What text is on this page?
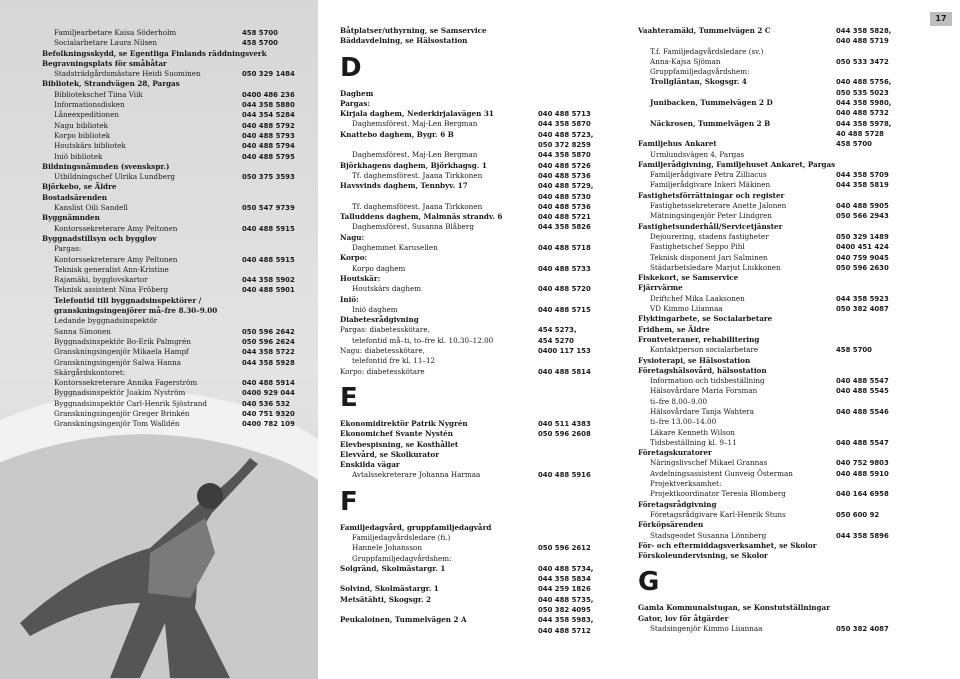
Familjearbetare Kaisa Söderholm	458 5700
Socialarbetare Laura Nilsen	458 5700
Befolkningsskydd, se Egentliga Finlands räddningsverk
Begravningsplats för småbåtar
Stadsträdgårdsmästare Heidi Suominen	050 329 1484
Bibliotek, Strandvägen 28, Pargas
Bibliotekschef Tiina Viik	0400 486 236
Informationsdisken	044 358 5880
Låneexpeditionen	044 354 5284
Nagu bibliotek	040 488 5792
Korpo bibliotek	040 488 5793
Houtskärs bibliotek	040 488 5794
Iniö bibliotek	040 488 5795
Bildningsnämnden (svenskspr.)
Utbildningschef Ulrika Lundberg	050 375 3593
Björkebo, se Äldre
Bostadsärenden
Kanslist Oili Sandell	050 547 9739
Byggnämnden
Kontorssekreterare Amy Peltonen	040 488 5915
Byggnadstillsyn och bygglov
Pargas:
Kontorssekreterare Amy Peltonen	040 488 5915
Teknisk generalist Ann-Kristine
Rajamäki, bygglovskartor	044 358 5902
Teknisk assistent Nina Fröberg	040 488 5901
Telefontid till byggnadsinspektörer /
granskningsingenjörer må–fre 8.30–9.00
Ledande byggnadsinspektör
Sanna Simonen	050 596 2642
Byggnadsinspektör Bo-Erik Palmgrén	050 596 2624
Granskningsingenjör Mikaela Hampf	044 358 5722
Granskningsingenjör Salwa Hanna	044 358 5928
Skärgårdskontoret:
Kontorssekreterare Annika Fagerström	040 488 5914
Byggnadsinspektör Joakim Nyström	0400 929 044
Byggnadsinspektör Carl-Henrik Sjöstrand	040 536 532
Granskningsingenjör Greger Brinkén	040 751 9320
Granskningsingenjör Tom Walldén	0400 782 109
Båtplatser/uthyrning, se Samservice
Bäddavdelning, se Hälsostation
D
Daghem
Pargas:
Kirjala daghem, Nederkirjalavägen 31	040 488 5713
Daghemsförest. Maj-Len Bergman	044 358 5870
Knattebo daghem, Bygr. 6 B	040 488 5723,
050 372 8259
Daghemsförest. Maj-Len Bergman	044 358 5870
Björkhagens daghem, Björkhagsg. 1	040 488 5726
Tf. daghemsförest. Jaana Tirkkonen	040 488 5736
Havsvinds daghem, Tennbyv. 17	040 488 5729,
040 488 5730
Tf. daghemsförest. Jaana Tirkkonen	040 488 5736
Talluddens daghem, Malmnäs strandv. 6	040 488 5721
Daghemsförest. Susanna Blåberg	044 358 5826
Nagu:
Daghemmet Karusellen	040 488 5718
Korpo:
Korpo daghem	040 488 5733
Houtskär:
Houtskärs daghem	040 488 5720
Iniö:
Iniö daghem	040 488 5715
Diabetesrådgivning
Pargas: diabetesskötare,	454 5273,
telefontid må–ti, to–fre kl. 10.30–12.00	454 5270
Nagu: diabetesskötare,	0400 117 153
telefontid fre kl. 11–12
Korpo: diabetesskötare	040 488 5814
E
Ekonomidirektör Patrik Nygrén	040 511 4383
Ekonomichef Svante Nystén	050 596 2608
Elevbespisning, se Kosthållet
Elevvård, se Skolkurator
Enskilda vägar
Avtalssekreterare Johanna Harmaa	040 488 5916
F
Familjedagvård, gruppfamiljedagvård
Familjedagvårdsledare (fi.)
Hannele Johansson	050 596 2612
Gruppfamiljedagvårdshem:
Solgränd, Skolmästargr. 1	040 488 5734,
044 358 5834
Solvind, Skolmästargr. 1	044 259 1826
Metsätähti, Skogsgr. 2	040 488 5735,
050 382 4095
Peukaloinen, Tummelvägen 2 A	044 358 5983,
040 488 5712
17
Vaahteramäki, Tummelvägen 2 C	044 358 5828,
040 488 5719
T.f. Familjedagvårdsledare (sv.)
Anna-Kajsa Sjöman	050 533 3472
Gruppfamiljedagvårdshem:
Trollgläntan, Skogsgr. 4	040 488 5756,
050 535 5023
Junibacken, Tummelvägen 2 D	044 358 5980,
040 488 5732
Näckrosen, Tummelvägen 2 B	044 358 5978,
40 488 5728
Familjehus Ankaret	458 5700
Urmlundsvägen 4, Pargas
Familjerådgivning, Familjehuset Ankaret, Pargas
Familjerådgivare Petra Zilliacus	044 358 5709
Familjerådgivare Inkeri Mäkinen	044 358 5819
Fastighetsförrättningar och register
Fastighetssekreterare Anette Jalonen	040 488 5905
Mätningsingenjör Peter Lindgren	050 566 2943
Fastighetsunderhåll/Servicetjänster
Dejourering, stadens fastigheter	050 329 1489
Fastighetschef Seppo Pihl	0400 451 424
Teknisk disponent Jari Salminen	040 759 9045
Städarbetsledare Marjut Liukkonen	050 596 2630
Fiskekort, se Samservice
Fjärrvärme
Driftchef Mika Laaksonen	044 358 5923
VD Kimmo Liiannaa	050 382 4087
Flyktingarbete, se Socialarbetare
Fridhem, se Äldre
Frontveteraner, rehabilitering
Kontaktperson socialarbetare	458 5700
Fysioterapi, se Hälsostation
Företagshälsovård, hälsostation
Information och tidsbeställning	040 488 5547
Hälsovårdare Maria Forsman	040 488 5545
ti–fre 8.00–9.00
Hälsovårdare Tanja Wahtera	040 488 5546
ti–fre 13.00–14.00
Läkare Kenneth Wilson
Tidsbeställning kl. 9–11	040 488 5547
Företagskuratorer
Näringslivschef Mikael Grannas	040 752 9803
Avdelningsassistent Gunveig Österman	040 488 5910
Projektverksamhet:
Projektkoordinator Teresia Blomberg	040 164 6958
Företagsrådgivning
Företagsrådgivare Karl-Henrik Stuns	050 600 92
Förköpsärenden
Stadsgeodet Susanna Lönnberg	044 358 5896
För- och eftermiddagsverksamhet, se Skolor
Förskoleundervisning, se Skolor
G
Gamla Kommunalstugan, se Konstutställningar
Gator, lov för åtgärder
Stadsingenjör Kimmo Liiannaa	050 382 4087
